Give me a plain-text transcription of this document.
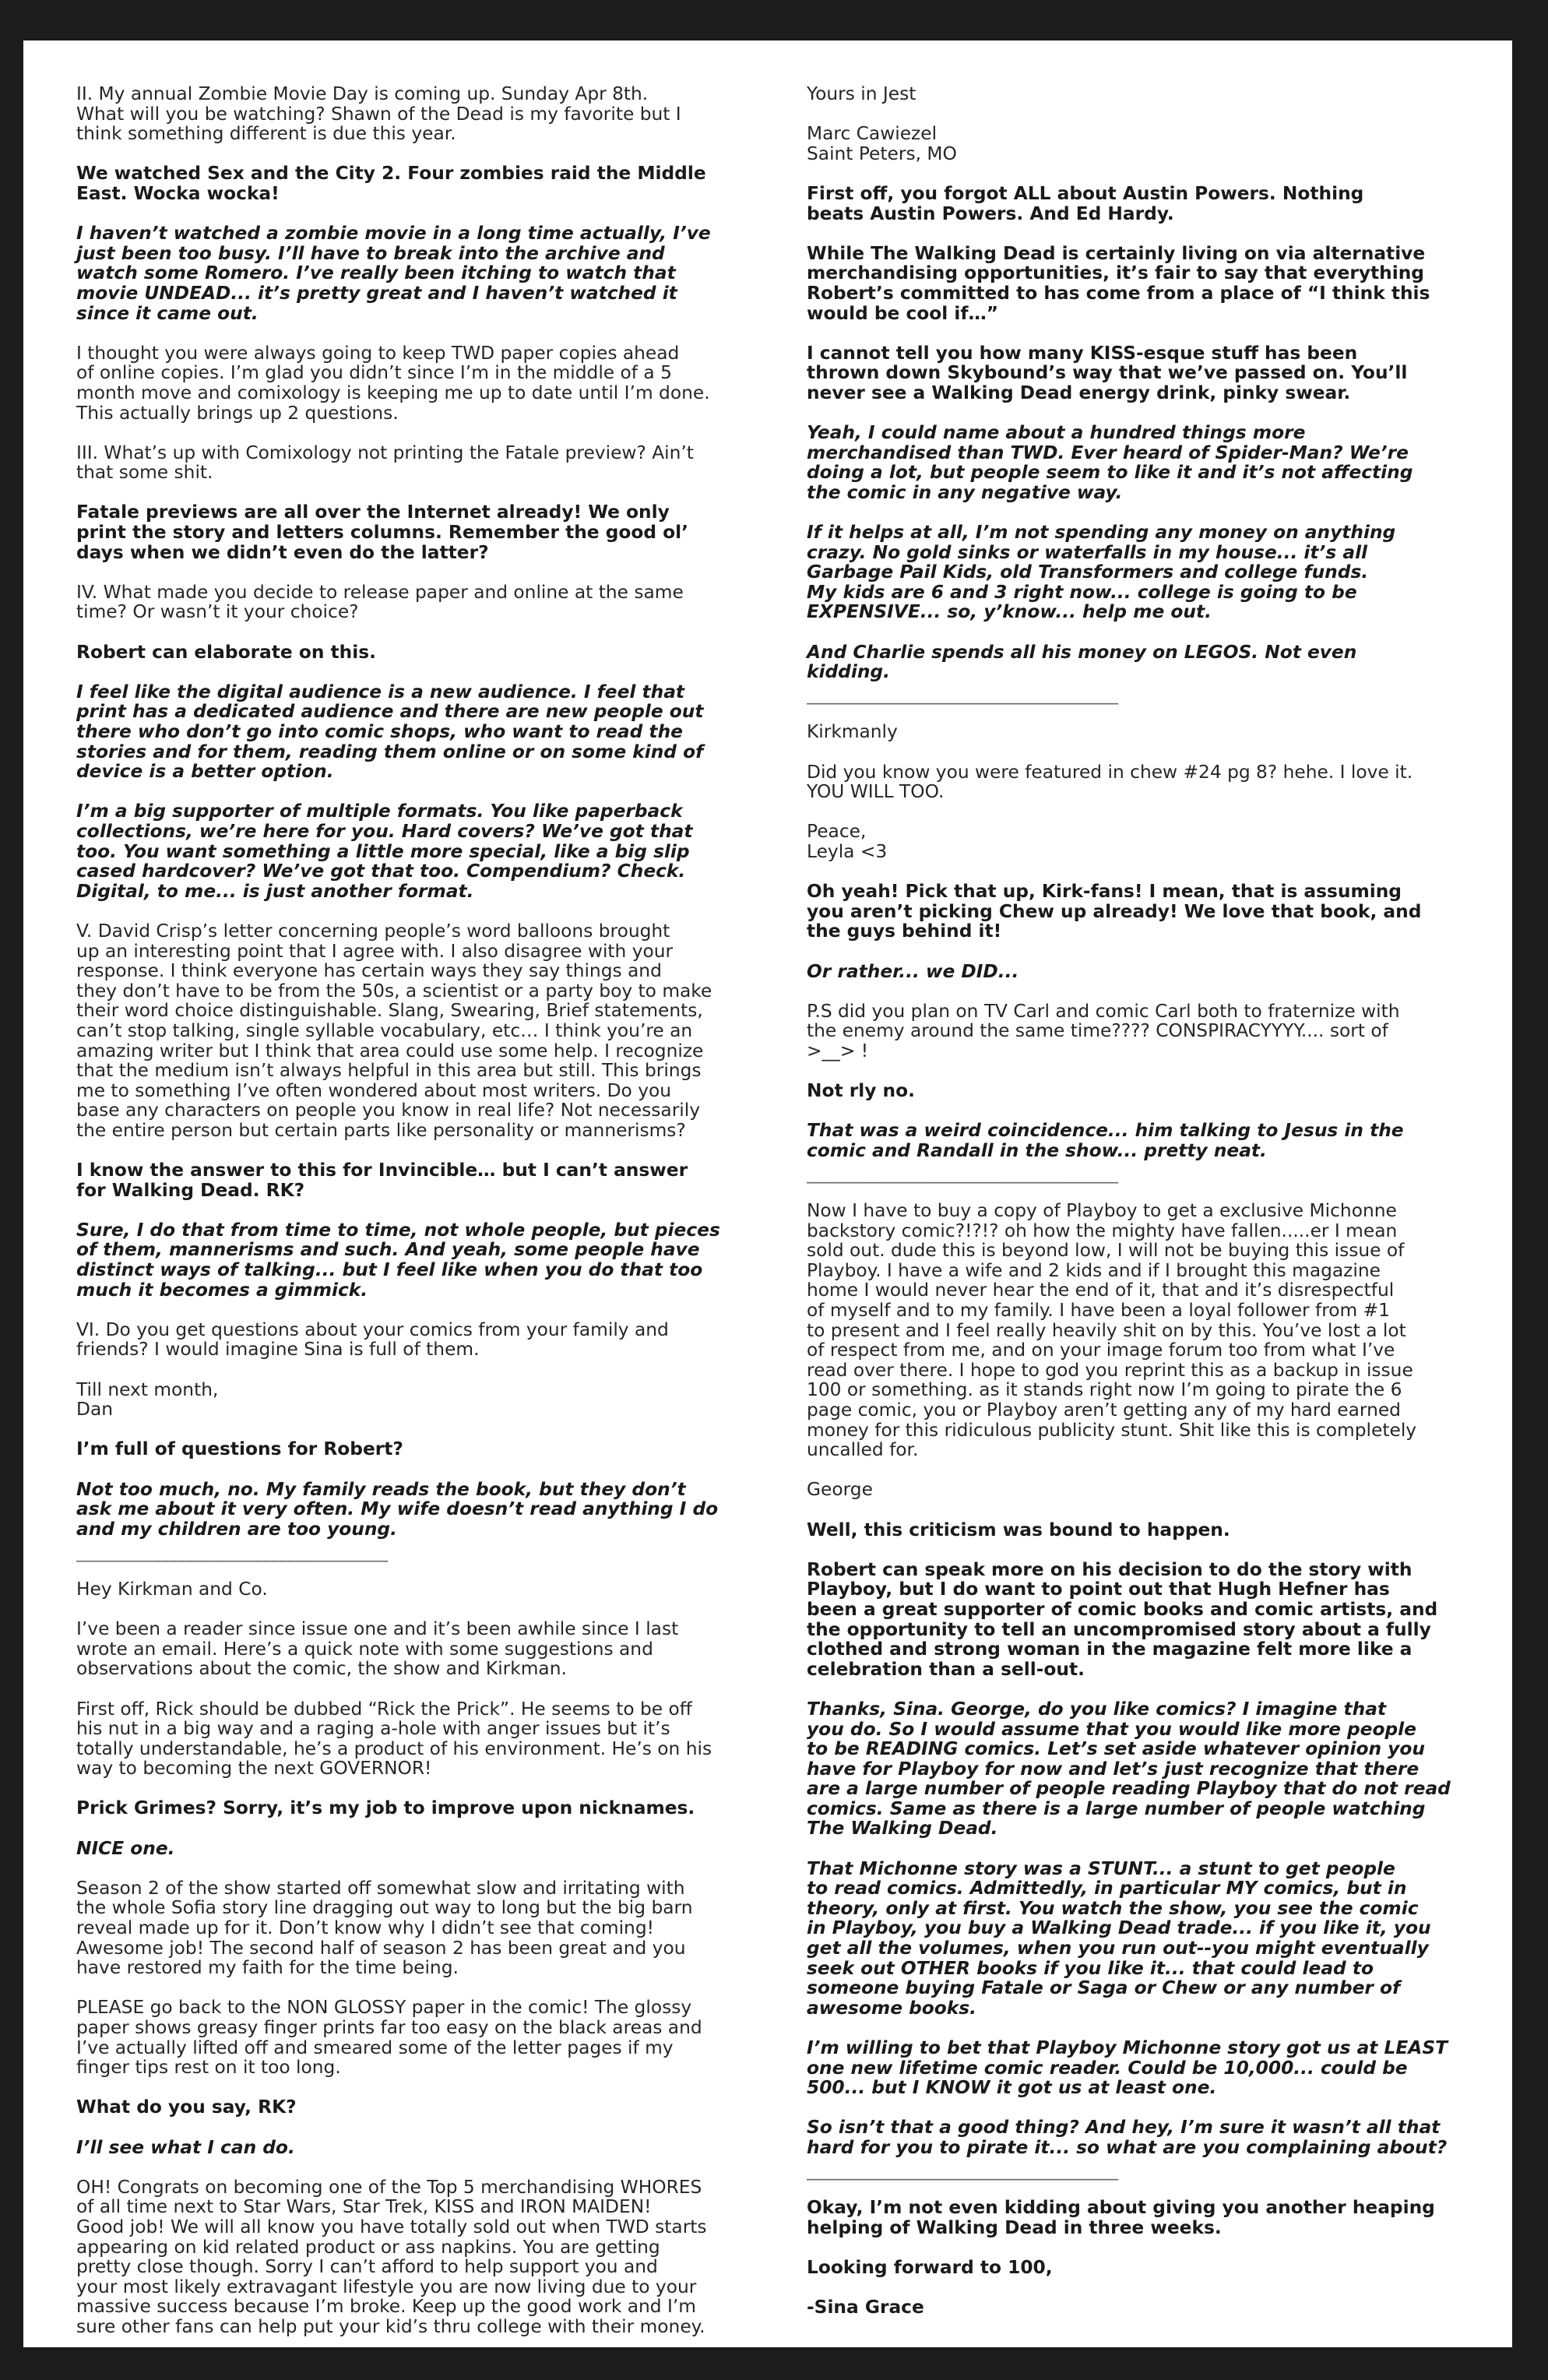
II. My annual Zombie Movie Day is coming up. Sunday Apr 8th.
What will you be watching? Shawn of the Dead is my favorite but I
think something different is due this year.

We watched Sex and the City 2. Four zombies raid the Middle
East. Wocka wocka!

I haven’t watched a zombie movie in a long time actually, I’ve
just been too busy. I’ll have to break into the archive and
watch some Romero. I’ve really been itching to watch that
movie UNDEAD... it’s pretty great and I haven’t watched it
since it came out.

I thought you were always going to keep TWD paper copies ahead
of online copies. I’m glad you didn’t since I’m in the middle of a 5
month move and comixology is keeping me up to date until I’m done.
This actually brings up 2 questions.

III. What’s up with Comixology not printing the Fatale preview? Ain’t
that some shit.

Fatale previews are all over the Internet already! We only
print the story and letters columns. Remember the good ol’
days when we didn’t even do the latter?

IV. What made you decide to release paper and online at the same
time? Or wasn’t it your choice?

Robert can elaborate on this.

I feel like the digital audience is a new audience. I feel that
print has a dedicated audience and there are new people out
there who don’t go into comic shops, who want to read the
stories and for them, reading them online or on some kind of
device is a better option.

I’m a big supporter of multiple formats. You like paperback
collections, we’re here for you. Hard covers? We’ve got that
too. You want something a little more special, like a big slip
cased hardcover? We’ve got that too. Compendium? Check.
Digital, to me... is just another format.

V. David Crisp’s letter concerning people’s word balloons brought
up an interesting point that I agree with. I also disagree with your
response. I think everyone has certain ways they say things and
they don’t have to be from the 50s, a scientist or a party boy to make
their word choice distinguishable. Slang, Swearing, Brief statements,
can’t stop talking, single syllable vocabulary, etc… I think you’re an
amazing writer but I think that area could use some help. I recognize
that the medium isn’t always helpful in this area but still. This brings
me to something I’ve often wondered about most writers. Do you
base any characters on people you know in real life? Not necessarily
the entire person but certain parts like personality or mannerisms?

I know the answer to this for Invincible… but I can’t answer
for Walking Dead. RK?

Sure, I do that from time to time, not whole people, but pieces
of them, mannerisms and such. And yeah, some people have
distinct ways of talking... but I feel like when you do that too
much it becomes a gimmick.

VI. Do you get questions about your comics from your family and
friends? I would imagine Sina is full of them.

Till next month,
Dan

I’m full of questions for Robert?

Not too much, no. My family reads the book, but they don’t
ask me about it very often. My wife doesn’t read anything I do
and my children are too young.

______________________________________

Hey Kirkman and Co.

I’ve been a reader since issue one and it’s been awhile since I last
wrote an email. Here’s a quick note with some suggestions and
observations about the comic, the show and Kirkman.

First off, Rick should be dubbed “Rick the Prick”. He seems to be off
his nut in a big way and a raging a-hole with anger issues but it’s
totally understandable, he’s a product of his environment. He’s on his
way to becoming the next GOVERNOR!

Prick Grimes? Sorry, it’s my job to improve upon nicknames.

NICE one.

Season 2 of the show started off somewhat slow and irritating with
the whole Sofia story line dragging out way to long but the big barn
reveal made up for it. Don’t know why I didn’t see that coming!
Awesome job! The second half of season 2 has been great and you
have restored my faith for the time being.

PLEASE go back to the NON GLOSSY paper in the comic! The glossy
paper shows greasy finger prints far too easy on the black areas and
I’ve actually lifted off and smeared some of the letter pages if my
finger tips rest on it too long.

What do you say, RK?

I’ll see what I can do.

OH! Congrats on becoming one of the Top 5 merchandising WHORES
of all time next to Star Wars, Star Trek, KISS and IRON MAIDEN!
Good job! We will all know you have totally sold out when TWD starts
appearing on kid related product or ass napkins. You are getting
pretty close though. Sorry I can’t afford to help support you and
your most likely extravagant lifestyle you are now living due to your
massive success because I’m broke. Keep up the good work and I’m
sure other fans can help put your kid’s thru college with their money.

Yours in Jest

Marc Cawiezel
Saint Peters, MO

First off, you forgot ALL about Austin Powers. Nothing
beats Austin Powers. And Ed Hardy.

While The Walking Dead is certainly living on via alternative
merchandising opportunities, it’s fair to say that everything
Robert’s committed to has come from a place of “I think this
would be cool if…”

I cannot tell you how many KISS-esque stuff has been
thrown down Skybound’s way that we’ve passed on. You’ll
never see a Walking Dead energy drink, pinky swear.

Yeah, I could name about a hundred things more
merchandised than TWD. Ever heard of Spider-Man? We’re
doing a lot, but people seem to like it and it’s not affecting
the comic in any negative way.

If it helps at all, I’m not spending any money on anything
crazy. No gold sinks or waterfalls in my house... it’s all
Garbage Pail Kids, old Transformers and college funds.
My kids are 6 and 3 right now... college is going to be
EXPENSIVE... so, y’know... help me out.

And Charlie spends all his money on LEGOS. Not even
kidding.

______________________________________

Kirkmanly

Did you know you were featured in chew #24 pg 8? hehe. I love it.
YOU WILL TOO.

Peace,
Leyla <3

Oh yeah! Pick that up, Kirk-fans! I mean, that is assuming
you aren’t picking Chew up already! We love that book, and
the guys behind it!

Or rather... we DID...

P.S did you plan on TV Carl and comic Carl both to fraternize with
the enemy around the same time???? CONSPIRACYYYY.... sort of
>__> !

Not rly no.

That was a weird coincidence... him talking to Jesus in the
comic and Randall in the show... pretty neat.

______________________________________

Now I have to buy a copy of Playboy to get a exclusive Michonne
backstory comic?!?!? oh how the mighty have fallen.....er I mean
sold out. dude this is beyond low, I will not be buying this issue of
Playboy. I have a wife and 2 kids and if I brought this magazine
home I would never hear the end of it, that and it’s disrespectful
of myself and to my family. I have been a loyal follower from #1
to present and I feel really heavily shit on by this. You’ve lost a lot
of respect from me, and on your image forum too from what I’ve
read over there. I hope to god you reprint this as a backup in issue
100 or something. as it stands right now I’m going to pirate the 6
page comic, you or Playboy aren’t getting any of my hard earned
money for this ridiculous publicity stunt. Shit like this is completely
uncalled for.

George

Well, this criticism was bound to happen.

Robert can speak more on his decision to do the story with
Playboy, but I do want to point out that Hugh Hefner has
been a great supporter of comic books and comic artists, and
the opportunity to tell an uncompromised story about a fully
clothed and strong woman in the magazine felt more like a
celebration than a sell-out.

Thanks, Sina. George, do you like comics? I imagine that
you do. So I would assume that you would like more people
to be READING comics. Let’s set aside whatever opinion you
have for Playboy for now and let’s just recognize that there
are a large number of people reading Playboy that do not read
comics. Same as there is a large number of people watching
The Walking Dead.

That Michonne story was a STUNT... a stunt to get people
to read comics. Admittedly, in particular MY comics, but in
theory, only at first. You watch the show, you see the comic
in Playboy, you buy a Walking Dead trade... if you like it, you
get all the volumes, when you run out--you might eventually
seek out OTHER books if you like it... that could lead to
someone buying Fatale or Saga or Chew or any number of
awesome books.

I’m willing to bet that Playboy Michonne story got us at LEAST
one new lifetime comic reader. Could be 10,000... could be
500... but I KNOW it got us at least one.

So isn’t that a good thing? And hey, I’m sure it wasn’t all that
hard for you to pirate it... so what are you complaining about?

______________________________________

Okay, I’m not even kidding about giving you another heaping
helping of Walking Dead in three weeks.

Looking forward to 100,

-Sina Grace
